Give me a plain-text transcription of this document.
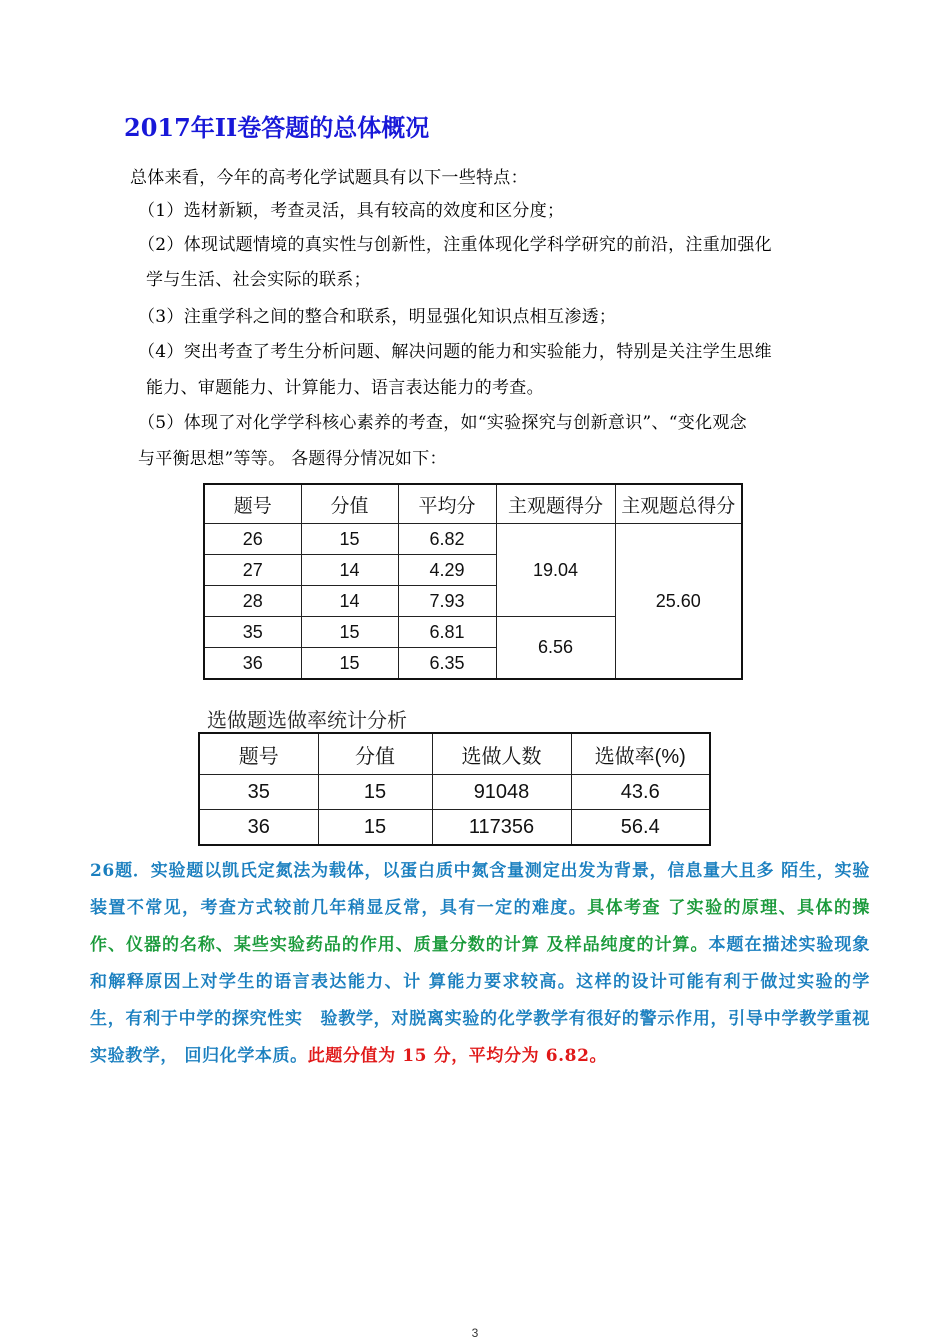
2017年II卷答题的总体概况
总体来看，今年的高考化学试题具有以下一些特点：
（1）选材新颖，考查灵活，具有较高的效度和区分度；
（2）体现试题情境的真实性与创新性，注重体现化学科学研究的前沿，注重加强化
学与生活、社会实际的联系；
（3）注重学科之间的整合和联系，明显强化知识点相互渗透；
（4）突出考查了考生分析问题、解决问题的能力和实验能力，特别是关注学生思维
能力、审题能力、计算能力、语言表达能力的考查。
（5）体现了对化学学科核心素养的考查，如“实验探究与创新意识”、“变化观念
与平衡思想”等等。 各题得分情况如下：
题号	分值	平均分	主观题得分	主观题总得分
26	15	6.82	19.04	25.60
27	14	4.29		
28	14	7.93		
35	15	6.81	6.56	
36	15	6.35		
选做题选做率统计分析
题号	分值	选做人数	选做率(%)
35	15	91048	43.6
36	15	117356	56.4
26题．实验题以凯氏定氮法为载体，以蛋白质中氮含量测定出发为背景，信息量大且多 陌生，实验装置不常见，考查方式较前几年稍显反常，具有一定的难度。具体考查 了实验的原理、具体的操作、仪器的名称、某些实验药品的作用、质量分数的计算 及样品纯度的计算。本题在描述实验现象和解释原因上对学生的语言表达能力、计 算能力要求较高。这样的设计可能有利于做过实验的学生，有利于中学的探究性实　验教学，对脱离实验的化学教学有很好的警示作用，引导中学教学重视实验教学， 回归化学本质。此题分值为 15 分，平均分为 6.82。
3
